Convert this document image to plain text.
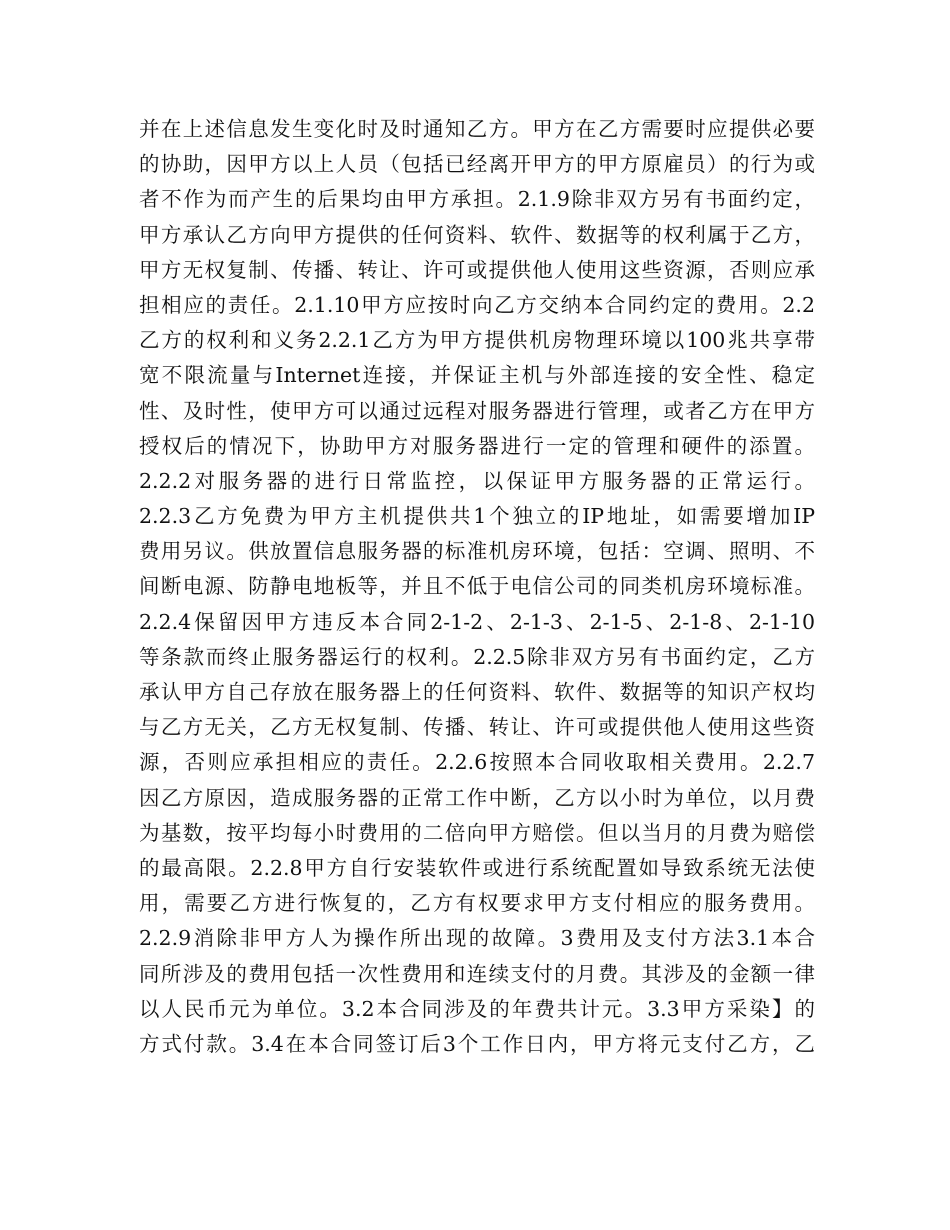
并在上述信息发生变化时及时通知乙方。甲方在乙方需要时应提供必要
的协助，因甲方以上人员（包括已经离开甲方的甲方原雇员）的行为或
者不作为而产生的后果均由甲方承担。2.1.9除非双方另有书面约定，
甲方承认乙方向甲方提供的任何资料、软件、数据等的权利属于乙方，
甲方无权复制、传播、转让、许可或提供他人使用这些资源，否则应承
担相应的责任。2.1.10甲方应按时向乙方交纳本合同约定的费用。2.2
乙方的权利和义务2.2.1乙方为甲方提供机房物理环境以100兆共享带
宽不限流量与Internet连接，并保证主机与外部连接的安全性、稳定
性、及时性，使甲方可以通过远程对服务器进行管理，或者乙方在甲方
授权后的情况下，协助甲方对服务器进行一定的管理和硬件的添置。
2.2.2对服务器的进行日常监控，以保证甲方服务器的正常运行。
2.2.3乙方免费为甲方主机提供共1个独立的IP地址，如需要增加IP
费用另议。供放置信息服务器的标准机房环境，包括：空调、照明、不
间断电源、防静电地板等，并且不低于电信公司的同类机房环境标准。
2.2.4保留因甲方违反本合同2-1-2、2-1-3、2-1-5、2-1-8、2-1-10
等条款而终止服务器运行的权利。2.2.5除非双方另有书面约定，乙方
承认甲方自己存放在服务器上的任何资料、软件、数据等的知识产权均
与乙方无关，乙方无权复制、传播、转让、许可或提供他人使用这些资
源，否则应承担相应的责任。2.2.6按照本合同收取相关费用。2.2.7
因乙方原因，造成服务器的正常工作中断，乙方以小时为单位，以月费
为基数，按平均每小时费用的二倍向甲方赔偿。但以当月的月费为赔偿
的最高限。2.2.8甲方自行安装软件或进行系统配置如导致系统无法使
用，需要乙方进行恢复的，乙方有权要求甲方支付相应的服务费用。
2.2.9消除非甲方人为操作所出现的故障。3费用及支付方法3.1本合
同所涉及的费用包括一次性费用和连续支付的月费。其涉及的金额一律
以人民币元为单位。3.2本合同涉及的年费共计元。3.3甲方采染】的
方式付款。3.4在本合同签订后3个工作日内，甲方将元支付乙方，乙
